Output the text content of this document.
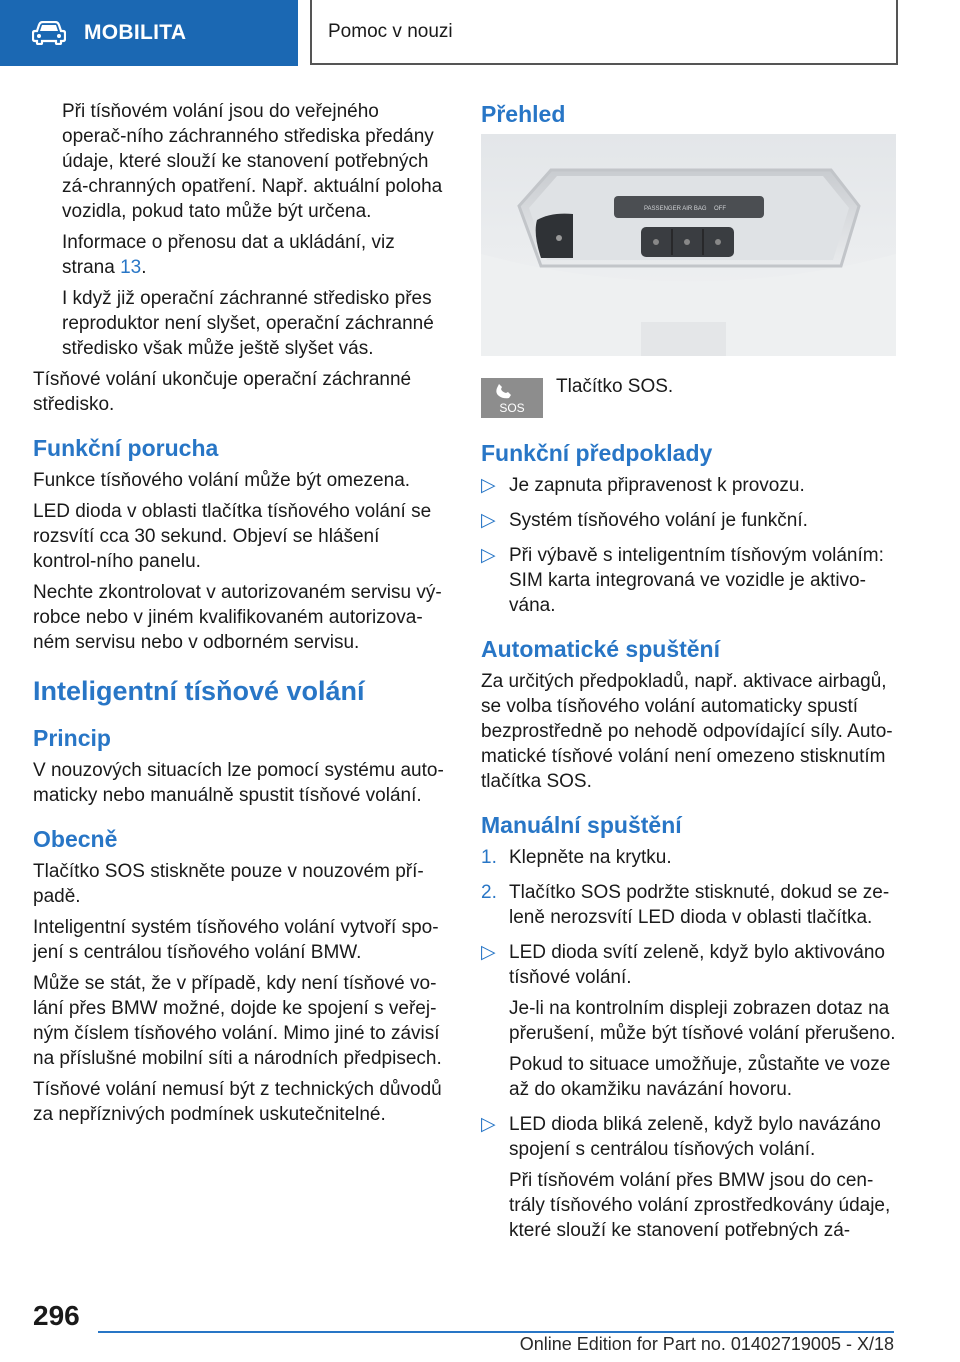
MOBILITA	Pomoc v nouzi

Při tísňovém volání jsou do veřejného operač-ního záchranného střediska předány údaje, které slouží ke stanovení potřebných zá-chranných opatření. Např. aktuální poloha vozidla, pokud tato může být určena.

Informace o přenosu dat a ukládání, viz strana 13.

I když již operační záchranné středisko přes reproduktor není slyšet, operační záchranné středisko však může ještě slyšet vás.

Tísňové volání ukončuje operační záchranné středisko.

Funkční porucha

Funkce tísňového volání může být omezena.

LED dioda v oblasti tlačítka tísňového volání se rozsvítí cca 30 sekund. Objeví se hlášení kontrol-ního panelu.

Nechte zkontrolovat v autorizovaném servisu vý-robce nebo v jiném kvalifikovaném autorizova-ném servisu nebo v odborném servisu.

Inteligentní tísňové volání
Princip

V nouzových situacích lze pomocí systému auto-maticky nebo manuálně spustit tísňové volání.

Obecně

Tlačítko SOS stiskněte pouze v nouzovém pří-padě.

Inteligentní systém tísňového volání vytvoří spo-jení s centrálou tísňového volání BMW.

Může se stát, že v případě, kdy není tísňové vo-lání přes BMW možné, dojde ke spojení s veřej-ným číslem tísňového volání. Mimo jiné to závisí na příslušné mobilní síti a národních předpisech.

Tísňové volání nemusí být z technických důvodů za nepříznivých podmínek uskutečnitelné.

Přehled
PASSENGER AIR BAG OFF
SOS
Tlačítko SOS.
Funkční předpoklady
▷ Je zapnuta připravenost k provozu.
▷ Systém tísňového volání je funkční.
▷ Při výbavě s inteligentním tísňovým voláním: SIM karta integrovaná ve vozidle je aktivo-vána.
Automatické spuštění

Za určitých předpokladů, např. aktivace airbagů, se volba tísňového volání automaticky spustí bezprostředně po nehodě odpovídající síly. Auto-matické tísňové volání není omezeno stisknutím tlačítka SOS.

Manuální spuštění
1. Klepněte na krytku.
2. Tlačítko SOS podržte stisknuté, dokud se ze-leně nerozsvítí LED dioda v oblasti tlačítka.
▷ LED dioda svítí zeleně, když bylo aktivováno tísňové volání.
Je-li na kontrolním displeji zobrazen dotaz na přerušení, může být tísňové volání přerušeno.
Pokud to situace umožňuje, zůstaňte ve voze až do okamžiku navázání hovoru.
▷ LED dioda bliká zeleně, když bylo navázáno spojení s centrálou tísňových volání.
Při tísňovém volání přes BMW jsou do cen-trály tísňového volání zprostředkovány údaje, které slouží ke stanovení potřebných zá-
296
Online Edition for Part no. 01402719005 - X/18
